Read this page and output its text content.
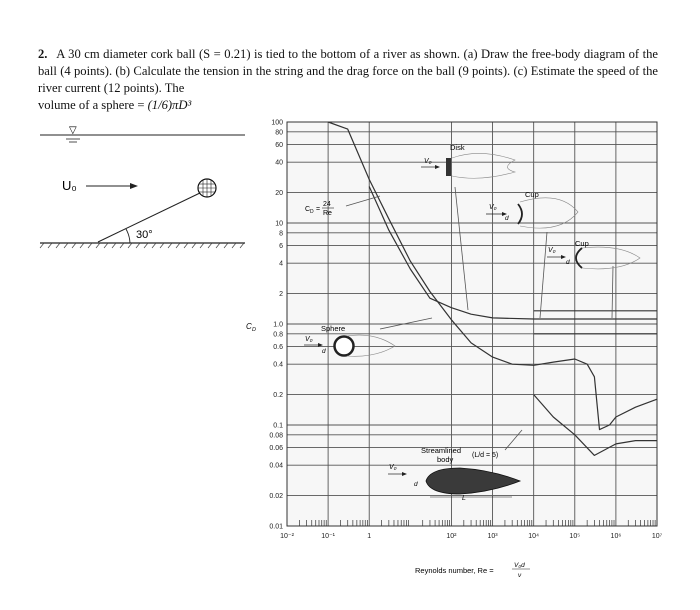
2. A 30 cm diameter cork ball (S = 0.21) is tied to the bottom of a river as shown. (a) Draw the free-body diagram of the ball (4 points). (b) Calculate the tension in the string and the drag force on the ball (9 points). (c) Estimate the speed of the river current (12 points). The
volume of a sphere = (1/6)πD³
▽
U₀
30°
0.01
0.02
0.04
0.06
0.08
0.1
0.2
0.4
0.6
0.8
1.0
2
4
6
8
10
20
40
60
80
100
10⁻²	10⁻¹	1	10²	10³	10⁴	10⁵	10⁶	10⁷
C D =
24
Re
Disk
V₀
Cup
V₀
d
Cup
V₀
d
Sphere
V₀
d
Streamlined
body	(L/d = 5)
V₀
d
L
C D
Reynolds number, Re =
V₀d
ν
